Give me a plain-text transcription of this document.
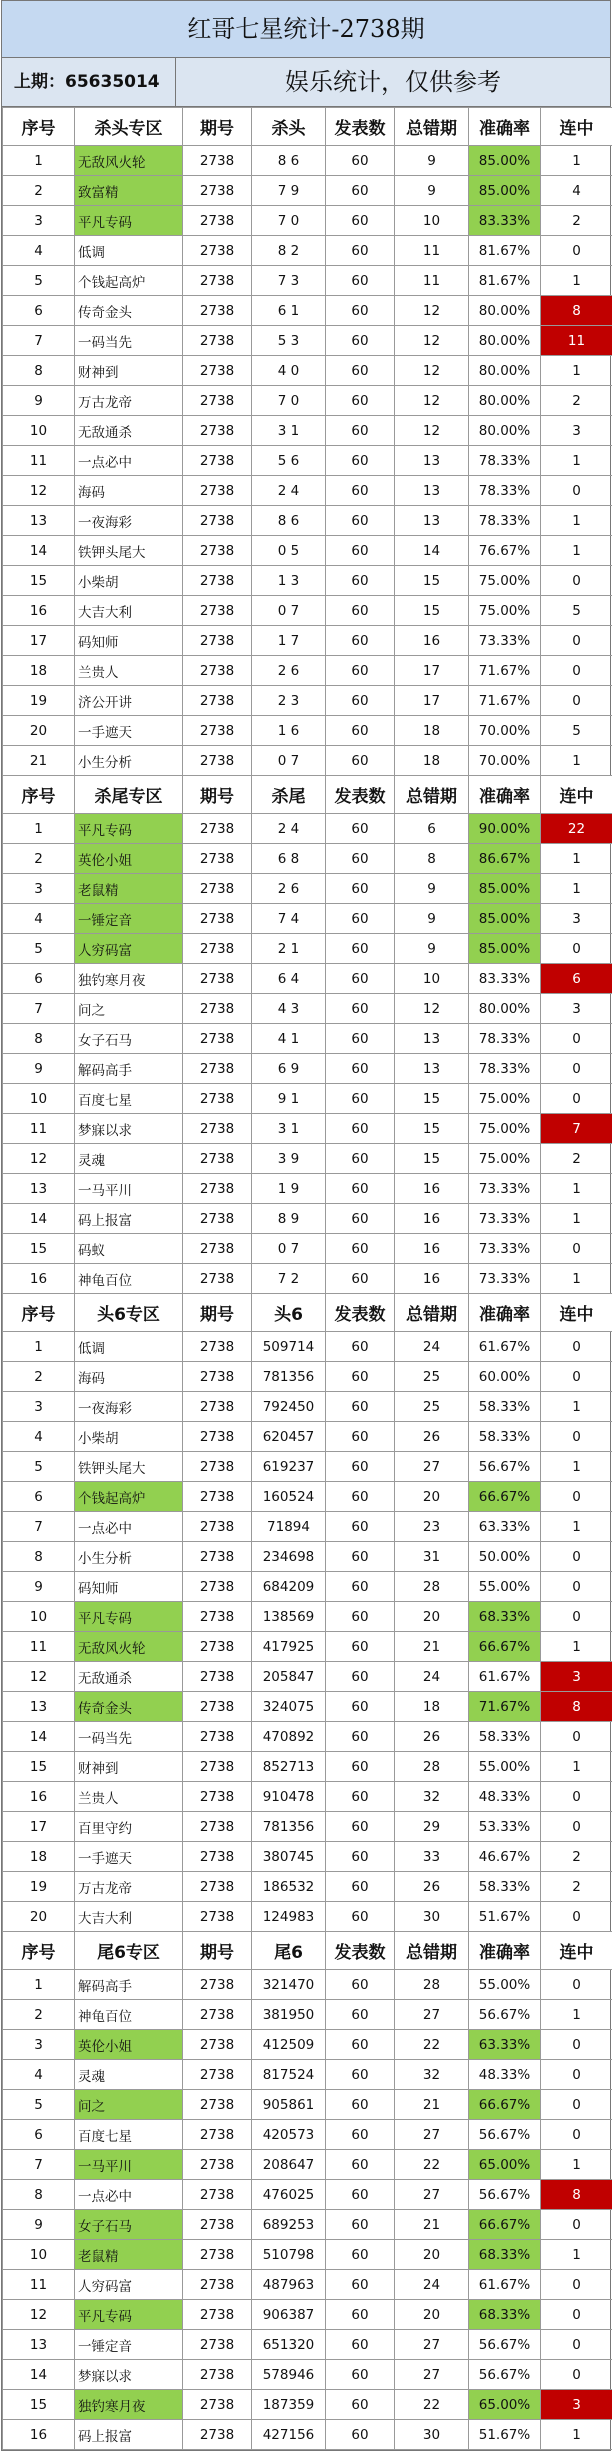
红哥七星统计-2738期
上期：65635014	娱乐统计，仅供参考
序号	杀头专区	期号	杀头	发表数	总错期	准确率	连中
1	无敌风火轮	2738	8 6	60	9	85.00%	1
2	致富精	2738	7 9	60	9	85.00%	4
3	平凡专码	2738	7 0	60	10	83.33%	2
4	低调	2738	8 2	60	11	81.67%	0
5	个钱起高炉	2738	7 3	60	11	81.67%	1
6	传奇金头	2738	6 1	60	12	80.00%	8
7	一码当先	2738	5 3	60	12	80.00%	11
8	财神到	2738	4 0	60	12	80.00%	1
9	万古龙帝	2738	7 0	60	12	80.00%	2
10	无敌通杀	2738	3 1	60	12	80.00%	3
11	一点必中	2738	5 6	60	13	78.33%	1
12	海码	2738	2 4	60	13	78.33%	0
13	一夜海彩	2738	8 6	60	13	78.33%	1
14	铁钾头尾大	2738	0 5	60	14	76.67%	1
15	小柴胡	2738	1 3	60	15	75.00%	0
16	大吉大利	2738	0 7	60	15	75.00%	5
17	码知师	2738	1 7	60	16	73.33%	0
18	兰贵人	2738	2 6	60	17	71.67%	0
19	济公开讲	2738	2 3	60	17	71.67%	0
20	一手遮天	2738	1 6	60	18	70.00%	5
21	小生分析	2738	0 7	60	18	70.00%	1
序号	杀尾专区	期号	杀尾	发表数	总错期	准确率	连中
1	平凡专码	2738	2 4	60	6	90.00%	22
2	英伦小姐	2738	6 8	60	8	86.67%	1
3	老鼠精	2738	2 6	60	9	85.00%	1
4	一锤定音	2738	7 4	60	9	85.00%	3
5	人穷码富	2738	2 1	60	9	85.00%	0
6	独钓寒月夜	2738	6 4	60	10	83.33%	6
7	问之	2738	4 3	60	12	80.00%	3
8	女子石马	2738	4 1	60	13	78.33%	0
9	解码高手	2738	6 9	60	13	78.33%	0
10	百度七星	2738	9 1	60	15	75.00%	0
11	梦寐以求	2738	3 1	60	15	75.00%	7
12	灵魂	2738	3 9	60	15	75.00%	2
13	一马平川	2738	1 9	60	16	73.33%	1
14	码上报富	2738	8 9	60	16	73.33%	1
15	码蚁	2738	0 7	60	16	73.33%	0
16	神龟百位	2738	7 2	60	16	73.33%	1
序号	头6专区	期号	头6	发表数	总错期	准确率	连中
1	低调	2738	509714	60	24	61.67%	0
2	海码	2738	781356	60	25	60.00%	0
3	一夜海彩	2738	792450	60	25	58.33%	1
4	小柴胡	2738	620457	60	26	58.33%	0
5	铁钾头尾大	2738	619237	60	27	56.67%	1
6	个钱起高炉	2738	160524	60	20	66.67%	0
7	一点必中	2738	71894	60	23	63.33%	1
8	小生分析	2738	234698	60	31	50.00%	0
9	码知师	2738	684209	60	28	55.00%	0
10	平凡专码	2738	138569	60	20	68.33%	0
11	无敌风火轮	2738	417925	60	21	66.67%	1
12	无敌通杀	2738	205847	60	24	61.67%	3
13	传奇金头	2738	324075	60	18	71.67%	8
14	一码当先	2738	470892	60	26	58.33%	0
15	财神到	2738	852713	60	28	55.00%	1
16	兰贵人	2738	910478	60	32	48.33%	0
17	百里守约	2738	781356	60	29	53.33%	0
18	一手遮天	2738	380745	60	33	46.67%	2
19	万古龙帝	2738	186532	60	26	58.33%	2
20	大吉大利	2738	124983	60	30	51.67%	0
序号	尾6专区	期号	尾6	发表数	总错期	准确率	连中
1	解码高手	2738	321470	60	28	55.00%	0
2	神龟百位	2738	381950	60	27	56.67%	1
3	英伦小姐	2738	412509	60	22	63.33%	0
4	灵魂	2738	817524	60	32	48.33%	0
5	问之	2738	905861	60	21	66.67%	0
6	百度七星	2738	420573	60	27	56.67%	0
7	一马平川	2738	208647	60	22	65.00%	1
8	一点必中	2738	476025	60	27	56.67%	8
9	女子石马	2738	689253	60	21	66.67%	0
10	老鼠精	2738	510798	60	20	68.33%	1
11	人穷码富	2738	487963	60	24	61.67%	0
12	平凡专码	2738	906387	60	20	68.33%	0
13	一锤定音	2738	651320	60	27	56.67%	0
14	梦寐以求	2738	578946	60	27	56.67%	0
15	独钓寒月夜	2738	187359	60	22	65.00%	3
16	码上报富	2738	427156	60	30	51.67%	1
